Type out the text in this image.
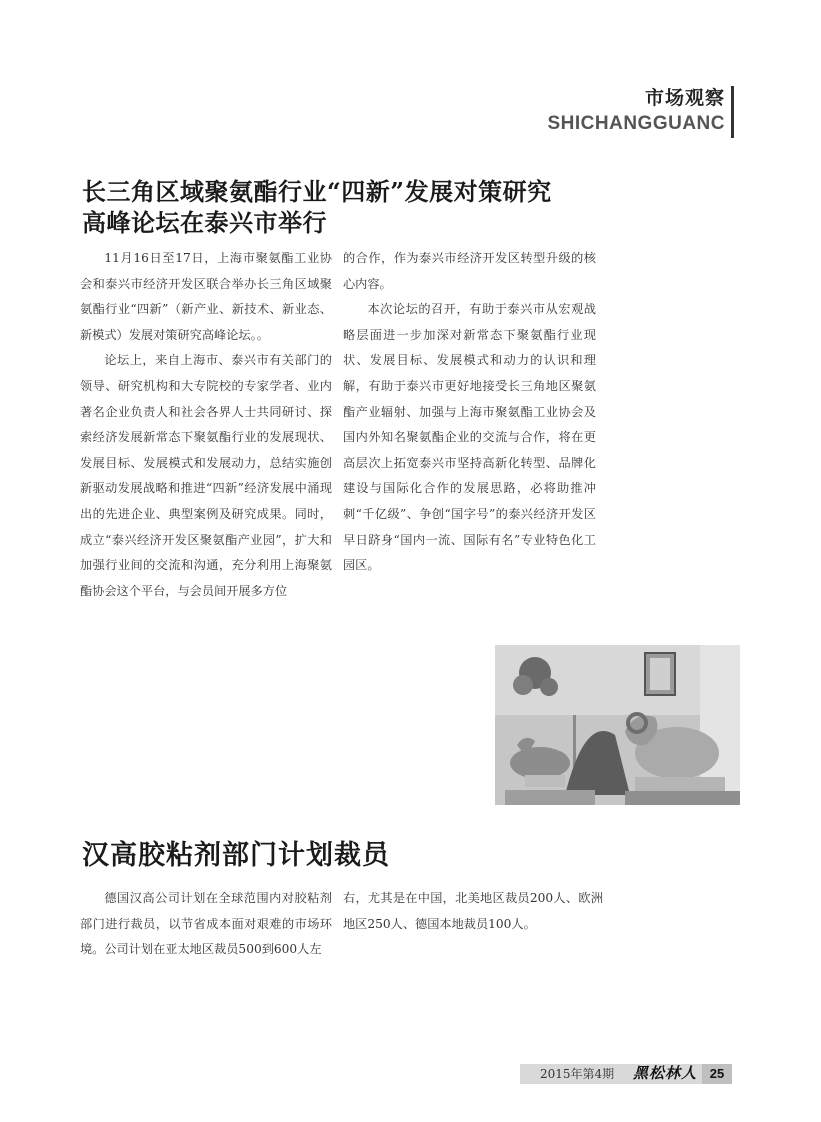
市场观察
SHICHANGGUANC
长三角区域聚氨酯行业“四新”发展对策研究
高峰论坛在泰兴市举行

11月16日至17日，上海市聚氨酯工业协会和泰兴市经济开发区联合举办长三角区域聚氨酯行业“四新”（新产业、新技术、新业态、新模式）发展对策研究高峰论坛。。

论坛上，来自上海市、泰兴市有关部门的领导、研究机构和大专院校的专家学者、业内著名企业负责人和社会各界人士共同研讨、探索经济发展新常态下聚氨酯行业的发展现状、发展目标、发展模式和发展动力，总结实施创新驱动发展战略和推进“四新”经济发展中涌现出的先进企业、典型案例及研究成果。同时，成立“泰兴经济开发区聚氨酯产业园”，扩大和加强行业间的交流和沟通，充分利用上海聚氨酯协会这个平台，与会员间开展多方位

的合作，作为泰兴市经济开发区转型升级的核心内容。

本次论坛的召开，有助于泰兴市从宏观战略层面进一步加深对新常态下聚氨酯行业现状、发展目标、发展模式和动力的认识和理解，有助于泰兴市更好地接受长三角地区聚氨酯产业辐射、加强与上海市聚氨酯工业协会及国内外知名聚氨酯企业的交流与合作，将在更高层次上拓宽泰兴市坚持高新化转型、品牌化建设与国际化合作的发展思路，必将助推冲刺“千亿级”、争创“国字号”的泰兴经济开发区早日跻身“国内一流、国际有名”专业特色化工园区。

汉高胶粘剂部门计划裁员

德国汉高公司计划在全球范围内对胶粘剂部门进行裁员，以节省成本面对艰难的市场环境。公司计划在亚太地区裁员500到600人左

右，尤其是在中国，北美地区裁员200人、欧洲地区250人、德国本地裁员100人。

2015年第4期 黑松林人 25
